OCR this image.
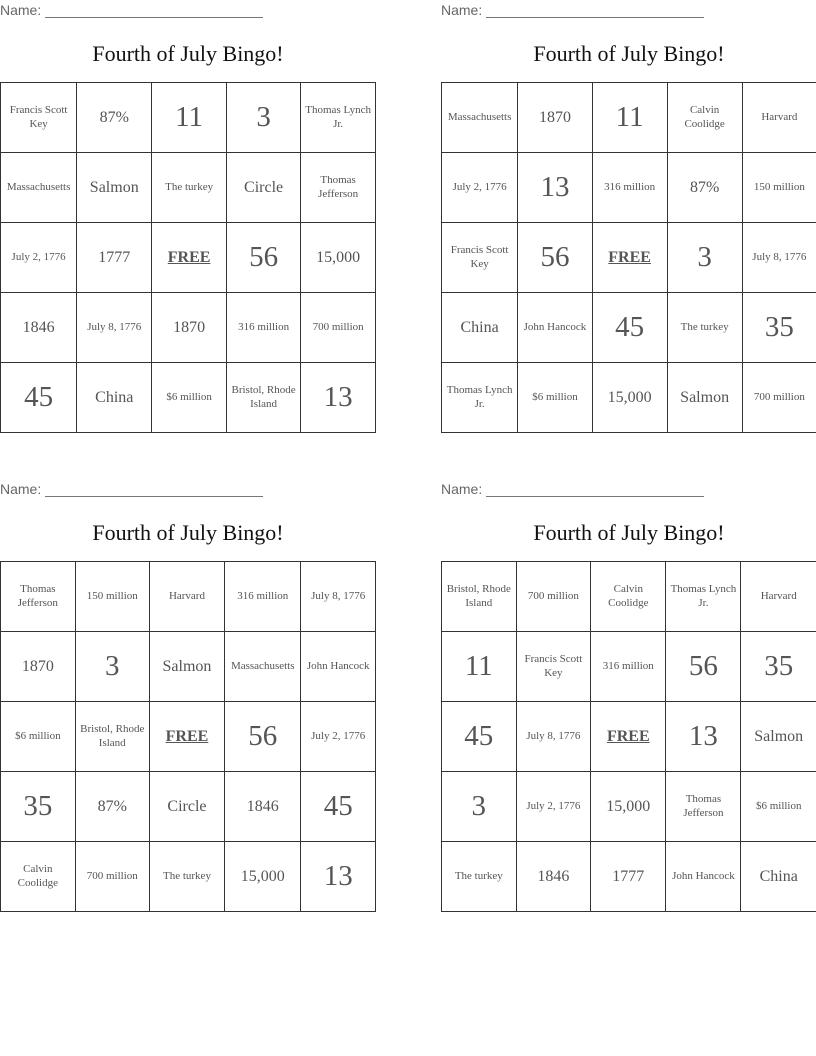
Name:
Fourth of July Bingo!
Francis Scott Key	87%	11	3	Thomas Lynch Jr.
Massachusetts	Salmon	The turkey	Circle	Thomas Jefferson
July 2, 1776	1777	FREE	56	15,000
1846	July 8, 1776	1870	316 million	700 million
45	China	$6 million	Bristol, Rhode Island	13
Name:
Fourth of July Bingo!
Massachusetts	1870	11	Calvin Coolidge	Harvard
July 2, 1776	13	316 million	87%	150 million
Francis Scott Key	56	FREE	3	July 8, 1776
China	John Hancock	45	The turkey	35
Thomas Lynch Jr.	$6 million	15,000	Salmon	700 million
Name:
Fourth of July Bingo!
Thomas Jefferson	150 million	Harvard	316 million	July 8, 1776
1870	3	Salmon	Massachusetts	John Hancock
$6 million	Bristol, Rhode Island	FREE	56	July 2, 1776
35	87%	Circle	1846	45
Calvin Coolidge	700 million	The turkey	15,000	13
Name:
Fourth of July Bingo!
Bristol, Rhode Island	700 million	Calvin Coolidge	Thomas Lynch Jr.	Harvard
11	Francis Scott Key	316 million	56	35
45	July 8, 1776	FREE	13	Salmon
3	July 2, 1776	15,000	Thomas Jefferson	$6 million
The turkey	1846	1777	John Hancock	China
